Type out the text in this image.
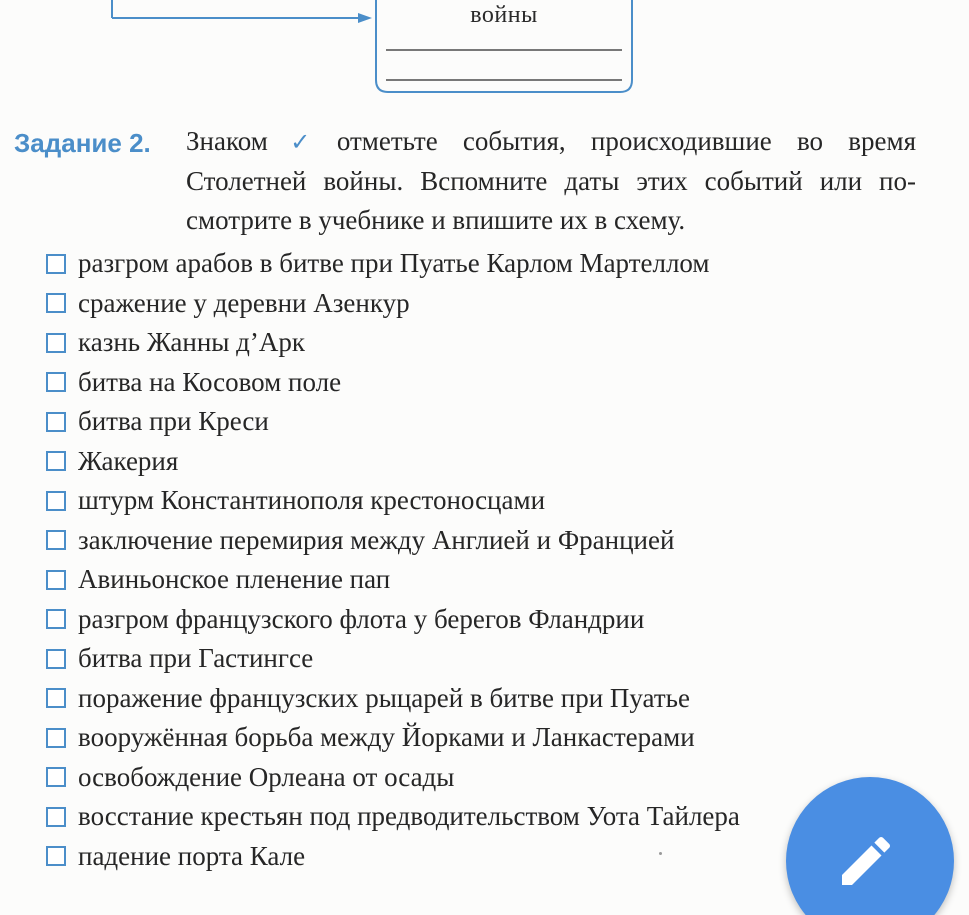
войны
Задание 2. Знаком ✓ отметьте события, происходившие во время Столетней войны. Вспомните даты этих событий или по-смотрите в учебнике и впишите их в схему.
разгром арабов в битве при Пуатье Карлом Мартеллом
сражение у деревни Азенкур
казнь Жанны д’Арк
битва на Косовом поле
битва при Креси
Жакерия
штурм Константинополя крестоносцами
заключение перемирия между Англией и Францией
Авиньонское пленение пап
разгром французского флота у берегов Фландрии
битва при Гастингсе
поражение французских рыцарей в битве при Пуатье
вооружённая борьба между Йорками и Ланкастерами
освобождение Орлеана от осады
восстание крестьян под предводительством Уота Тайлера
падение порта Кале
